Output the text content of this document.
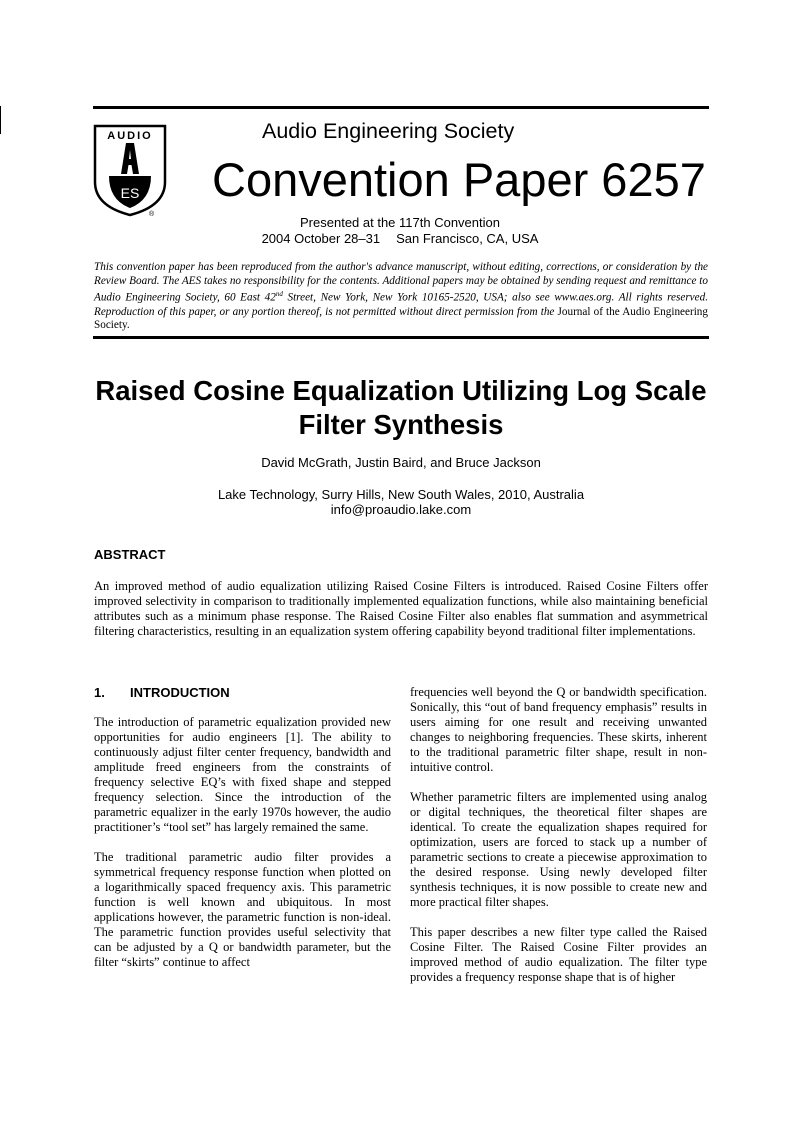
AUDIO
ES
®
Audio Engineering Society
Convention Paper 6257
Presented at the 117th Convention
2004 October 28–31 San Francisco, CA, USA
This convention paper has been reproduced from the author's advance manuscript, without editing, corrections, or consideration by the Review Board. The AES takes no responsibility for the contents. Additional papers may be obtained by sending request and remittance to Audio Engineering Society, 60 East 42nd Street, New York, New York 10165-2520, USA; also see www.aes.org. All rights reserved. Reproduction of this paper, or any portion thereof, is not permitted without direct permission from the Journal of the Audio Engineering Society.
Raised Cosine Equalization Utilizing Log Scale Filter Synthesis
David McGrath, Justin Baird, and Bruce Jackson
Lake Technology, Surry Hills, New South Wales, 2010, Australia
info@proaudio.lake.com
ABSTRACT
An improved method of audio equalization utilizing Raised Cosine Filters is introduced. Raised Cosine Filters offer improved selectivity in comparison to traditionally implemented equalization functions, while also maintaining beneficial attributes such as a minimum phase response. The Raised Cosine Filter also enables flat summation and asymmetrical filtering characteristics, resulting in an equalization system offering capability beyond traditional filter implementations.
1. INTRODUCTION

The introduction of parametric equalization provided new opportunities for audio engineers [1]. The ability to continuously adjust filter center frequency, bandwidth and amplitude freed engineers from the constraints of frequency selective EQ’s with fixed shape and stepped frequency selection. Since the introduction of the parametric equalizer in the early 1970s however, the audio practitioner’s “tool set” has largely remained the same.

The traditional parametric audio filter provides a symmetrical frequency response function when plotted on a logarithmically spaced frequency axis. This parametric function is well known and ubiquitous. In most applications however, the parametric function is non-ideal. The parametric function provides useful selectivity that can be adjusted by a Q or bandwidth parameter, but the filter “skirts” continue to affect

frequencies well beyond the Q or bandwidth specification. Sonically, this “out of band frequency emphasis” results in users aiming for one result and receiving unwanted changes to neighboring frequencies. These skirts, inherent to the traditional parametric filter shape, result in non-intuitive control.

Whether parametric filters are implemented using analog or digital techniques, the theoretical filter shapes are identical. To create the equalization shapes required for optimization, users are forced to stack up a number of parametric sections to create a piecewise approximation to the desired response. Using newly developed filter synthesis techniques, it is now possible to create new and more practical filter shapes.

This paper describes a new filter type called the Raised Cosine Filter. The Raised Cosine Filter provides an improved method of audio equalization. The filter type provides a frequency response shape that is of higher
